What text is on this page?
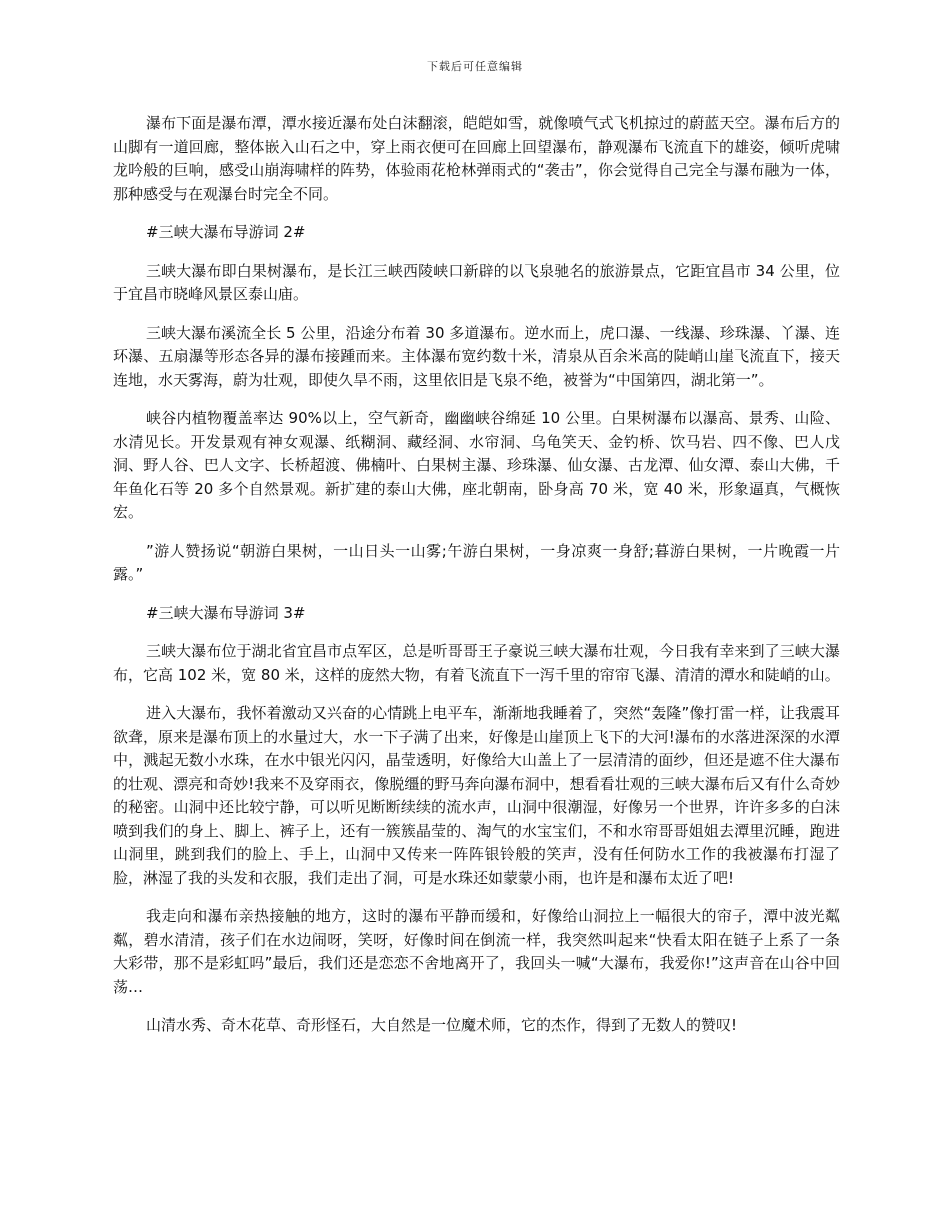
下载后可任意编辑

瀑布下面是瀑布潭，潭水接近瀑布处白沫翻滚，皑皑如雪，就像喷气式飞机掠过的蔚蓝天空。瀑布后方的山脚有一道回廊，整体嵌入山石之中，穿上雨衣便可在回廊上回望瀑布，静观瀑布飞流直下的雄姿，倾听虎啸龙吟般的巨响，感受山崩海啸样的阵势，体验雨花枪林弹雨式的“袭击”，你会觉得自己完全与瀑布融为一体，那种感受与在观瀑台时完全不同。

#三峡大瀑布导游词 2#

三峡大瀑布即白果树瀑布，是长江三峡西陵峡口新辟的以飞泉驰名的旅游景点，它距宜昌市 34 公里，位于宜昌市晓峰风景区泰山庙。

三峡大瀑布溪流全长 5 公里，沿途分布着 30 多道瀑布。逆水而上，虎口瀑、一线瀑、珍珠瀑、丫瀑、连环瀑、五扇瀑等形态各异的瀑布接踵而来。主体瀑布宽约数十米，清泉从百余米高的陡峭山崖飞流直下，接天连地，水天雾海，蔚为壮观，即使久旱不雨，这里依旧是飞泉不绝，被誉为“中国第四，湖北第一”。

峡谷内植物覆盖率达 90%以上，空气新奇，幽幽峡谷绵延 10 公里。白果树瀑布以瀑高、景秀、山险、水清见长。开发景观有神女观瀑、纸糊洞、藏经洞、水帘洞、乌龟笑天、金钓桥、饮马岩、四不像、巴人戊洞、野人谷、巴人文字、长桥超渡、佛楠叶、白果树主瀑、珍珠瀑、仙女瀑、古龙潭、仙女潭、泰山大佛，千年鱼化石等 20 多个自然景观。新扩建的泰山大佛，座北朝南，卧身高 70 米，宽 40 米，形象逼真，气概恢宏。

”游人赞扬说“朝游白果树，一山日头一山雾;午游白果树，一身凉爽一身舒;暮游白果树，一片晚霞一片露。”

#三峡大瀑布导游词 3#

三峡大瀑布位于湖北省宜昌市点军区，总是听哥哥王子豪说三峡大瀑布壮观，今日我有幸来到了三峡大瀑布，它高 102 米，宽 80 米，这样的庞然大物，有着飞流直下一泻千里的帘帘飞瀑、清清的潭水和陡峭的山。

进入大瀑布，我怀着激动又兴奋的心情跳上电平车，渐渐地我睡着了，突然“轰隆”像打雷一样，让我震耳欲聋，原来是瀑布顶上的水量过大，水一下子满了出来，好像是山崖顶上飞下的大河!瀑布的水落进深深的水潭中，溅起无数小水珠，在水中银光闪闪，晶莹透明，好像给大山盖上了一层清清的面纱，但还是遮不住大瀑布的壮观、漂亮和奇妙!我来不及穿雨衣，像脱缰的野马奔向瀑布洞中，想看看壮观的三峡大瀑布后又有什么奇妙的秘密。山洞中还比较宁静，可以听见断断续续的流水声，山洞中很潮湿，好像另一个世界，许许多多的白沫喷到我们的身上、脚上、裤子上，还有一簇簇晶莹的、淘气的水宝宝们，不和水帘哥哥姐姐去潭里沉睡，跑进山洞里，跳到我们的脸上、手上，山洞中又传来一阵阵银铃般的笑声，没有任何防水工作的我被瀑布打湿了脸，淋湿了我的头发和衣服，我们走出了洞，可是水珠还如蒙蒙小雨，也许是和瀑布太近了吧!

我走向和瀑布亲热接触的地方，这时的瀑布平静而缓和，好像给山洞拉上一幅很大的帘子，潭中波光粼粼，碧水清清，孩子们在水边闹呀，笑呀，好像时间在倒流一样，我突然叫起来“快看太阳在链子上系了一条大彩带，那不是彩虹吗”最后，我们还是恋恋不舍地离开了，我回头一喊“大瀑布，我爱你!”这声音在山谷中回荡…

山清水秀、奇木花草、奇形怪石，大自然是一位魔术师，它的杰作，得到了无数人的赞叹!
